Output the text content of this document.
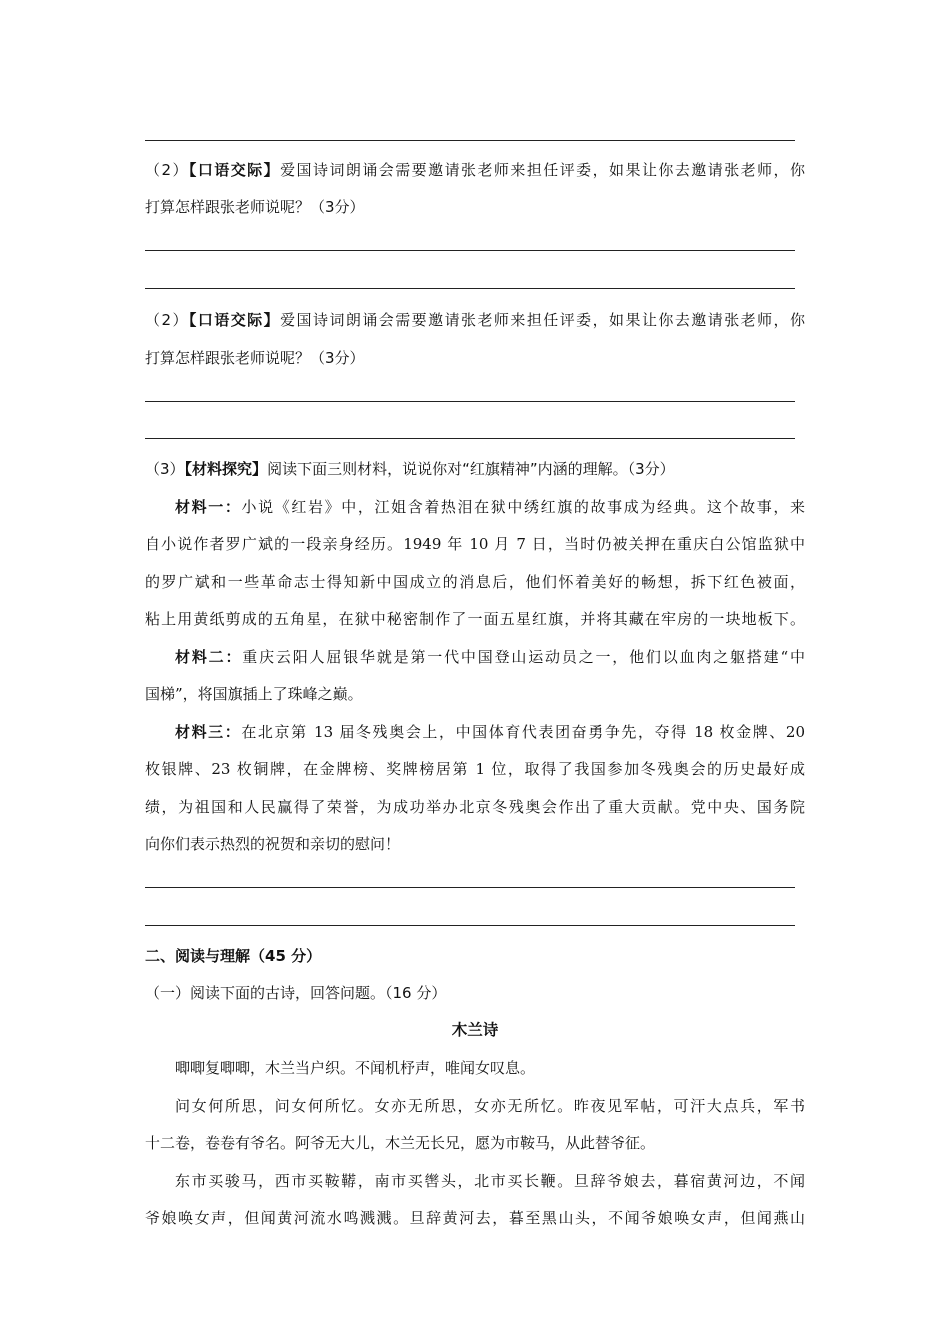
（2）【口语交际】爱国诗词朗诵会需要邀请张老师来担任评委，如果让你去邀请张老师，你
打算怎样跟张老师说呢？（3分）
（2）【口语交际】爱国诗词朗诵会需要邀请张老师来担任评委，如果让你去邀请张老师，你
打算怎样跟张老师说呢？（3分）
（3）【材料探究】阅读下面三则材料，说说你对“红旗精神”内涵的理解。（3分）
材料一：小说《红岩》中，江姐含着热泪在狱中绣红旗的故事成为经典。这个故事，来
自小说作者罗广斌的一段亲身经历。1949 年 10 月 7 日，当时仍被关押在重庆白公馆监狱中
的罗广斌和一些革命志士得知新中国成立的消息后，他们怀着美好的畅想，拆下红色被面，
粘上用黄纸剪成的五角星，在狱中秘密制作了一面五星红旗，并将其藏在牢房的一块地板下。
材料二：重庆云阳人屈银华就是第一代中国登山运动员之一，他们以血肉之躯搭建“中
国梯”，将国旗插上了珠峰之巅。
材料三：在北京第 13 届冬残奥会上，中国体育代表团奋勇争先，夺得 18 枚金牌、20
枚银牌、23 枚铜牌，在金牌榜、奖牌榜居第 1 位，取得了我国参加冬残奥会的历史最好成
绩，为祖国和人民赢得了荣誉，为成功举办北京冬残奥会作出了重大贡献。党中央、国务院
向你们表示热烈的祝贺和亲切的慰问！
二、阅读与理解（45 分）
（一）阅读下面的古诗，回答问题。（16 分）
木兰诗
唧唧复唧唧，木兰当户织。不闻机杼声，唯闻女叹息。
问女何所思，问女何所忆。女亦无所思，女亦无所忆。昨夜见军帖，可汗大点兵，军书
十二卷，卷卷有爷名。阿爷无大儿，木兰无长兄，愿为市鞍马，从此替爷征。
东市买骏马，西市买鞍鞯，南市买辔头，北市买长鞭。旦辞爷娘去，暮宿黄河边，不闻
爷娘唤女声，但闻黄河流水鸣溅溅。旦辞黄河去，暮至黑山头，不闻爷娘唤女声，但闻燕山
